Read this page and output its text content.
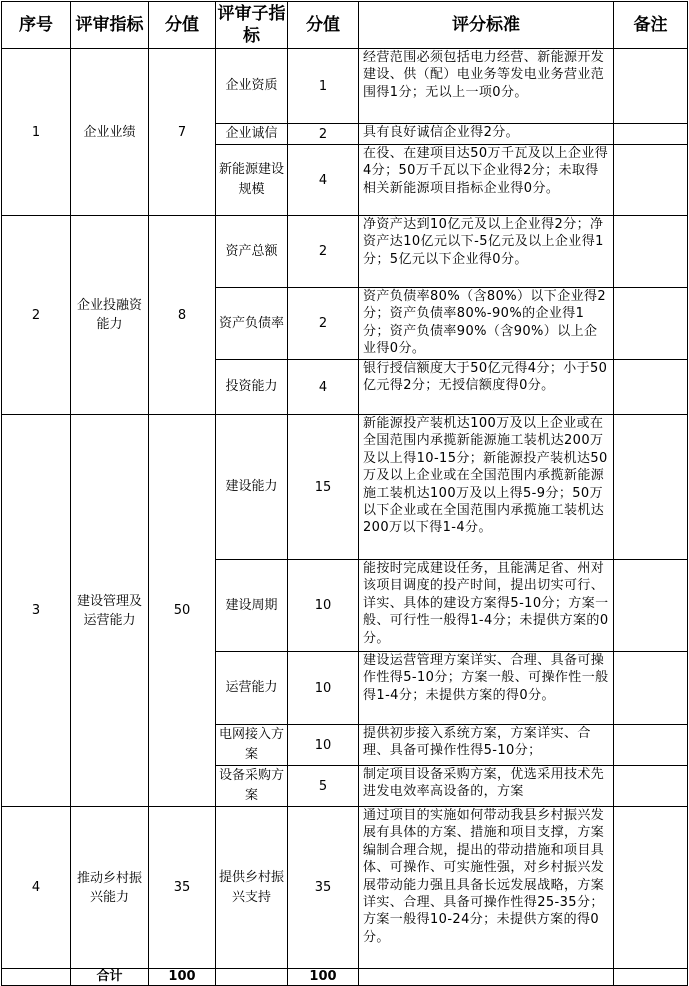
序号	评审指标	分值	评审子指标	分值	评分标准	备注
1	企业业绩	7	企业资质	1	经营范围必须包括电力经营、新能源开发建设、供（配）电业务等发电业务营业范围得1分；无以上一项0分。	
			企业诚信	2	具有良好诚信企业得2分。	
			新能源建设规模	4	在役、在建项目达50万千瓦及以上企业得4分；50万千瓦以下企业得2分；未取得相关新能源项目指标企业得0分。	
2	企业投融资能力	8	资产总额	2	净资产达到10亿元及以上企业得2分；净资产达10亿元以下-5亿元及以上企业得1分；5亿元以下企业得0分。	
			资产负债率	2	资产负债率80%（含80%）以下企业得2分；资产负债率80%-90%的企业得1分；资产负债率90%（含90%）以上企业得0分。	
			投资能力	4	银行授信额度大于50亿元得4分；小于50亿元得2分；无授信额度得0分。	
3	建设管理及运营能力	50	建设能力	15	新能源投产装机达100万及以上企业或在全国范围内承揽新能源施工装机达200万及以上得10-15分；新能源投产装机达50万及以上企业或在全国范围内承揽新能源施工装机达100万及以上得5-9分；50万以下企业或在全国范围内承揽施工装机达200万以下得1-4分。	
			建设周期	10	能按时完成建设任务，且能满足省、州对该项目调度的投产时间，提出切实可行、详实、具体的建设方案得5-10分；方案一般、可行性一般得1-4分；未提供方案的0分。	
			运营能力	10	建设运营管理方案详实、合理、具备可操作性得5-10分；方案一般、可操作性一般得1-4分；未提供方案的得0分。	
			电网接入方案	10	提供初步接入系统方案，方案详实、合理、具备可操作性得5-10分；	
			设备采购方案	5	制定项目设备采购方案，优选采用技术先进发电效率高设备的，方案	
4	推动乡村振兴能力	35	提供乡村振兴支持	35	通过项目的实施如何带动我县乡村振兴发展有具体的方案、措施和项目支撑，方案编制合理合规，提出的带动措施和项目具体、可操作、可实施性强，对乡村振兴发展带动能力强且具备长远发展战略，方案详实、合理、具备可操作性得25-35分；方案一般得10-24分；未提供方案的得0分。	
	合计	100		100		
